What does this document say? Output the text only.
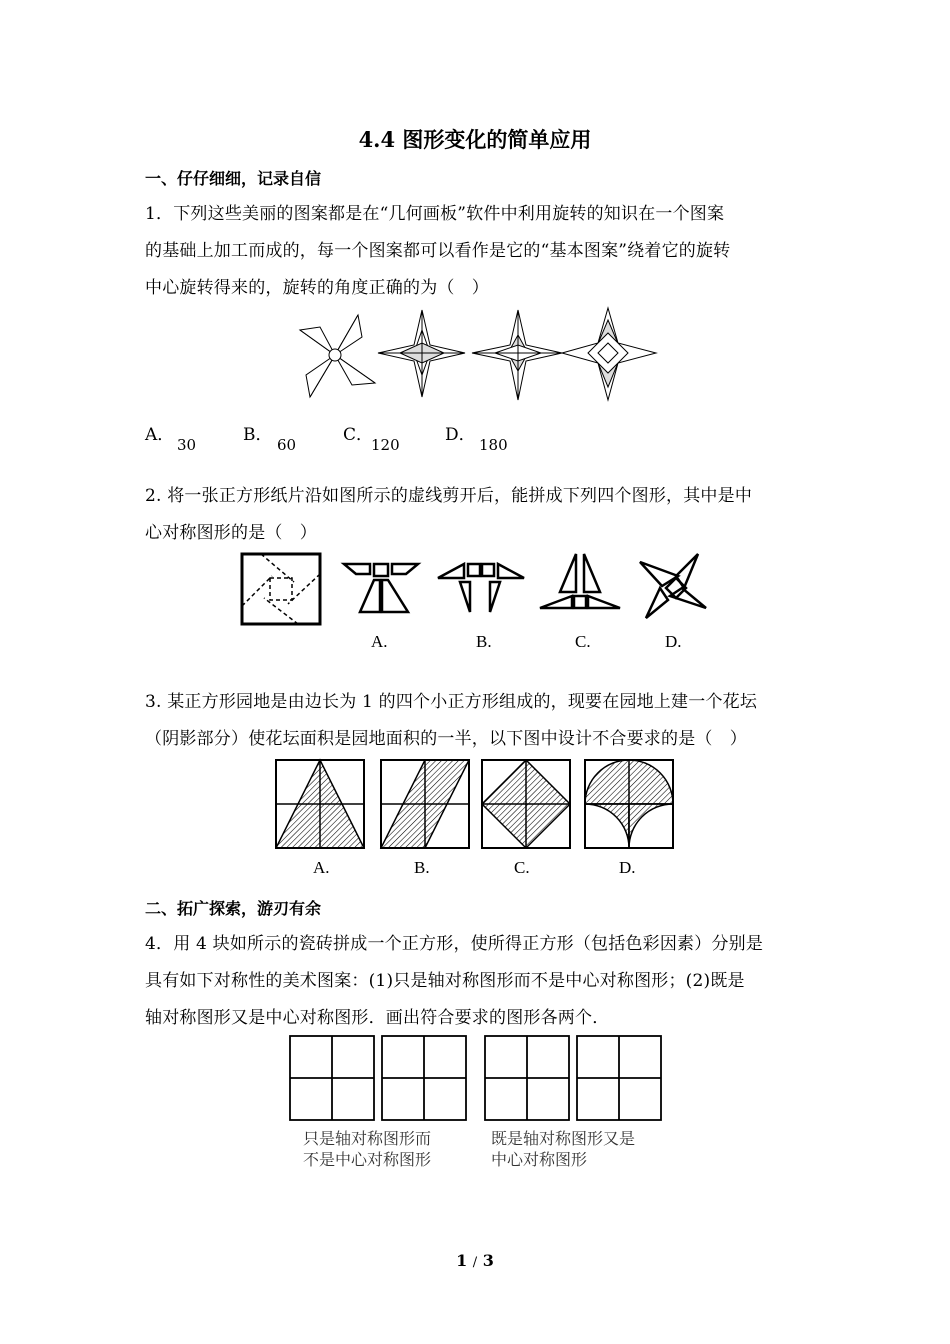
4.4 图形变化的简单应用
一、仔仔细细，记录自信
1．下列这些美丽的图案都是在“几何画板”软件中利用旋转的知识在一个图案
的基础上加工而成的，每一个图案都可以看作是它的“基本图案”绕着它的旋转
中心旋转得来的，旋转的角度正确的为（　）
A． 30	B． 60	C．
120	D． 180
2. 将一张正方形纸片沿如图所示的虚线剪开后，能拼成下列四个图形，其中是中
心对称图形的是（　）
A.	B.	C.	D.
3. 某正方形园地是由边长为 1 的四个小正方形组成的，现要在园地上建一个花坛
（阴影部分）使花坛面积是园地面积的一半，以下图中设计不合要求的是（　）
A.	B.	C.	D.
二、拓广探索，游刃有余
4．用 4 块如所示的瓷砖拼成一个正方形，使所得正方形（包括色彩因素）分别是
具有如下对称性的美术图案：(1)只是轴对称图形而不是中心对称图形；(2)既是
轴对称图形又是中心对称图形．画出符合要求的图形各两个．
只是轴对称图形而
不是中心对称图形
既是轴对称图形又是
中心对称图形
1 / 3
